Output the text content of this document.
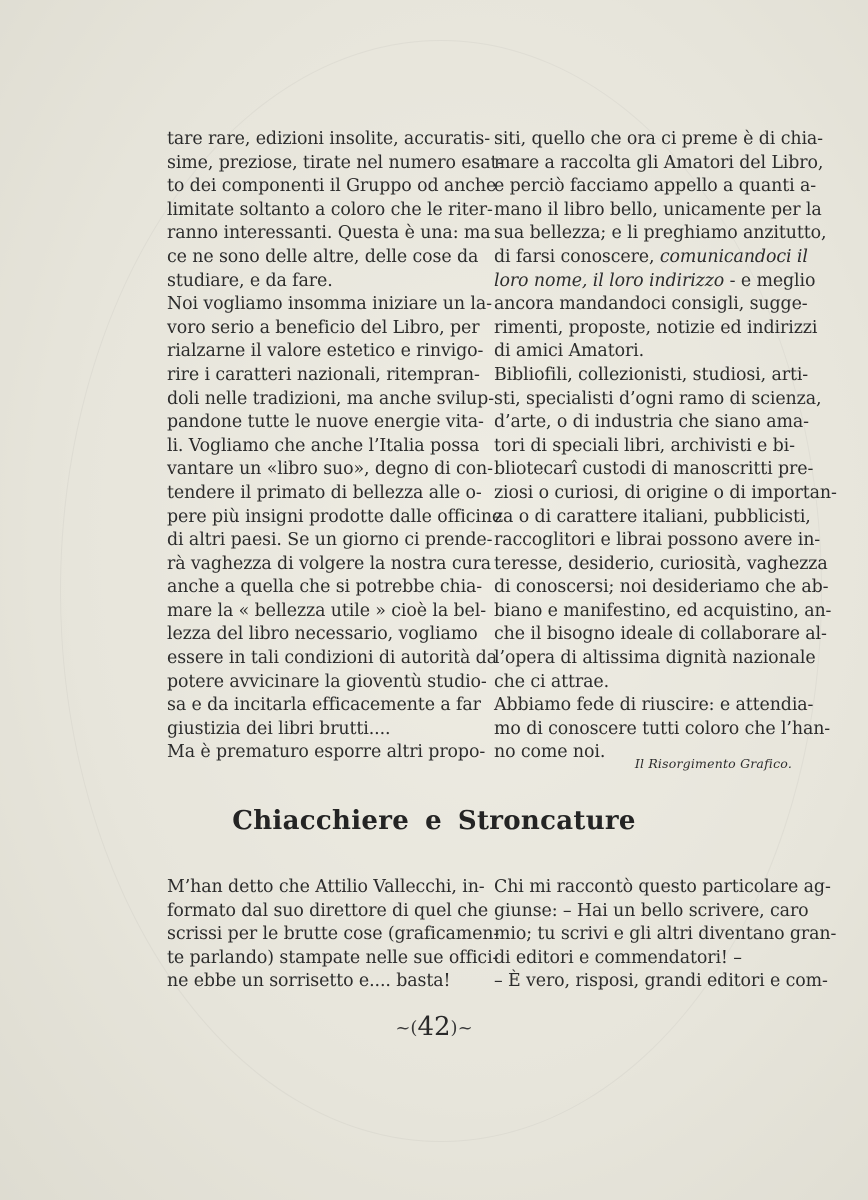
tare rare, edizioni insolite, accuratis-
sime, preziose, tirate nel numero esat-
to dei componenti il Gruppo od anche
limitate soltanto a coloro che le riter-
ranno interessanti. Questa è una: ma
ce ne sono delle altre, delle cose da
studiare, e da fare.
Noi vogliamo insomma iniziare un la-
voro serio a beneficio del Libro, per
rialzarne il valore estetico e rinvigo-
rire i caratteri nazionali, ritempran-
doli nelle tradizioni, ma anche svilup-
pandone tutte le nuove energie vita-
li. Vogliamo che anche l’Italia possa
vantare un «libro suo», degno di con-
tendere il primato di bellezza alle o-
pere più insigni prodotte dalle officine
di altri paesi. Se un giorno ci prende-
rà vaghezza di volgere la nostra cura
anche a quella che si potrebbe chia-
mare la « bellezza utile » cioè la bel-
lezza del libro necessario, vogliamo
essere in tali condizioni di autorità da
potere avvicinare la gioventù studio-
sa e da incitarla efficacemente a far
giustizia dei libri brutti....
Ma è prematuro esporre altri propo-
siti, quello che ora ci preme è di chia-
mare a raccolta gli Amatori del Libro,
e perciò facciamo appello a quanti a-
mano il libro bello, unicamente per la
sua bellezza; e li preghiamo anzitutto,
di farsi conoscere, comunicandoci il
loro nome, il loro indirizzo - e meglio
ancora mandandoci consigli, sugge-
rimenti, proposte, notizie ed indirizzi
di amici Amatori.
Bibliofili, collezionisti, studiosi, arti-
sti, specialisti d’ogni ramo di scienza,
d’arte, o di industria che siano ama-
tori di speciali libri, archivisti e bi-
bliotecarî custodi di manoscritti pre-
ziosi o curiosi, di origine o di importan-
za o di carattere italiani, pubblicisti,
raccoglitori e librai possono avere in-
teresse, desiderio, curiosità, vaghezza
di conoscersi; noi desideriamo che ab-
biano e manifestino, ed acquistino, an-
che il bisogno ideale di collaborare al-
l’opera di altissima dignità nazionale
che ci attrae.
Abbiamo fede di riuscire: e attendia-
mo di conoscere tutti coloro che l’han-
no come noi.
Il Risorgimento Grafico.
Chiacchiere e Stroncature
M’han detto che Attilio Vallecchi, in-
formato dal suo direttore di quel che
scrissi per le brutte cose (graficamen-
te parlando) stampate nelle sue offici-
ne ebbe un sorrisetto e.... basta!
Chi mi raccontò questo particolare ag-
giunse: – Hai un bello scrivere, caro
mio; tu scrivi e gli altri diventano gran-
di editori e commendatori! –
– È vero, risposi, grandi editori e com-
~(42)~
